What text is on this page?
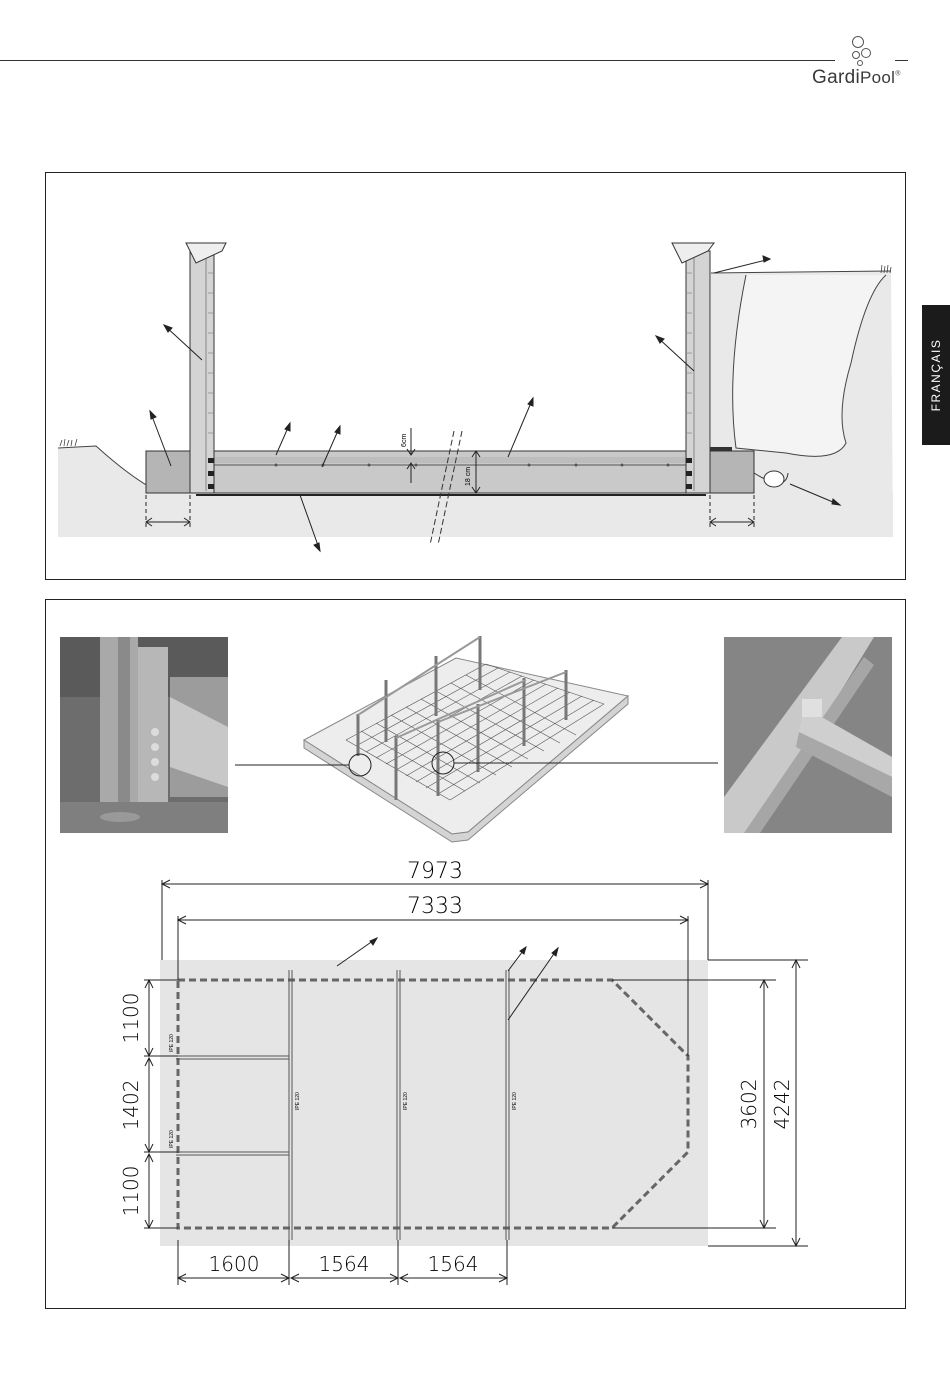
GardiPool®
FRANÇAIS
6cm
18 cm
IPE 120
IPE 120
IPE 120	IPE 120	IPE 120
7973
7333
1100
1402
1100
1600	1564	1564
3602 4242
